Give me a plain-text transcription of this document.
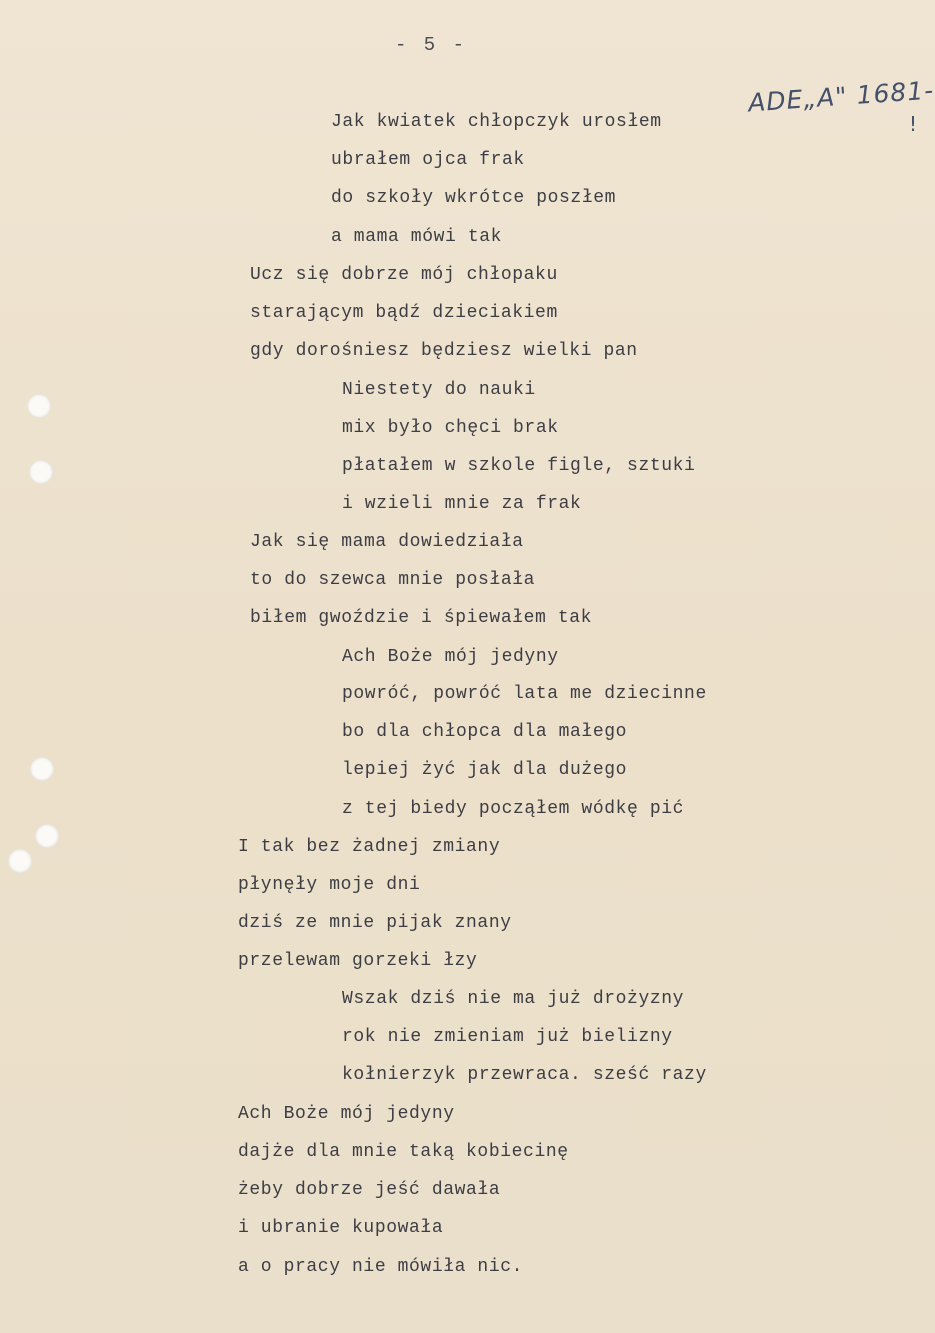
- 5 -
ADE„A" 1681-
!
Jak kwiatek chłopczyk urosłem
ubrałem ojca frak
do szkoły wkrótce poszłem
a mama mówi tak
Ucz się dobrze mój chłopaku
starającym bądź dzieciakiem
gdy dorośniesz będziesz wielki pan
Niestety do nauki
mix było chęci brak
płatałem w szkole figle, sztuki
i wzieli mnie za frak
Jak się mama dowiedziała
to do szewca mnie posłała
biłem gwoździe i śpiewałem tak
Ach Boże mój jedyny
powróć, powróć lata me dziecinne
bo dla chłopca dla małego
lepiej żyć jak dla dużego
z tej biedy począłem wódkę pić
I tak bez żadnej zmiany
płynęły moje dni
dziś ze mnie pijak znany
przelewam gorzeki łzy
Wszak dziś nie ma już drożyzny
rok nie zmieniam już bielizny
kołnierzyk przewraca. sześć razy
Ach Boże mój jedyny
dajże dla mnie taką kobiecinę
żeby dobrze jeść dawała
i ubranie kupowała
a o pracy nie mówiła nic.
